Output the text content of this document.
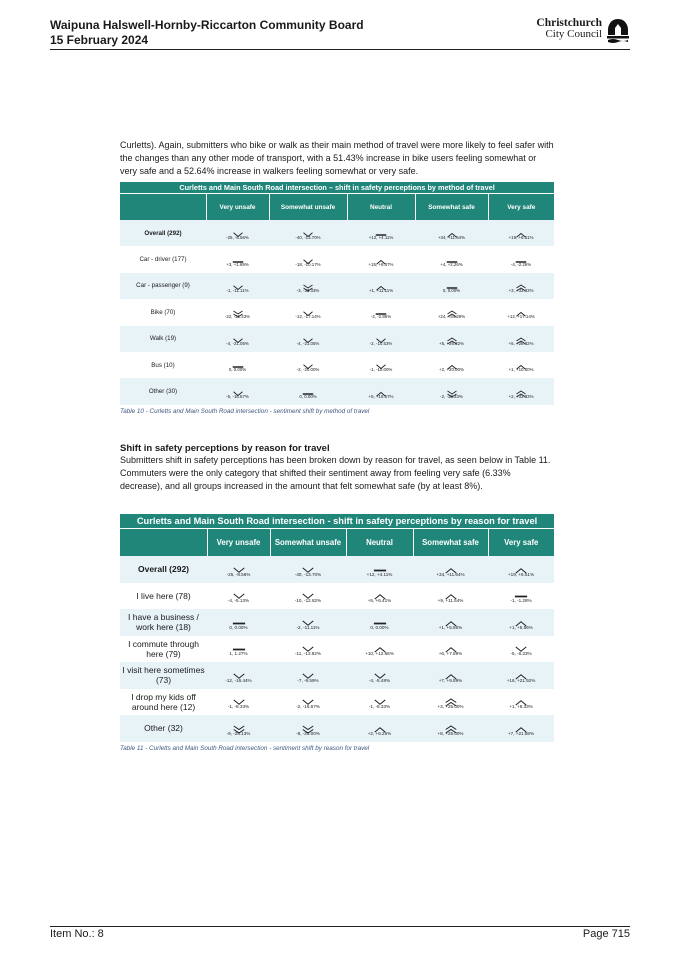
Waipuna Halswell-Hornby-Riccarton Community Board
15 February 2024
Christchurch
City Council

Curletts). Again, submitters who bike or walk as their main method of travel were more likely to feel safer with the changes than any other mode of transport, with a 51.43% increase in bike users feeling somewhat or very safe and a 52.64% increase in walkers feeling somewhat or very safe.

Curletts and Main South Road intersection – shift in safety perceptions by method of travel					
	Very unsafe	Somewhat unsafe	Neutral	Somewhat safe	Very safe
Overall (292)	-25, -8.56%	-40, -13.70%	+12, +4.11%	+34, +11.64%	+19, +6.51%

Car - driver (177)	+3, +1.69%	-18, -10.17%	+15, +8.47%	+4, +2.26%	-4, -2.26%

Car - passenger (9)	-1, -11.11%	-3, -33.33%	+1, +11.11%	0, 0.00%	+3, +33.33%

Bike (70)	-22, -31.43%	-12, -17.14%	-2, -2.86%	+24, +34.29%	+12, +17.14%

Walk (19)	-4, -21.05%	-4, -21.05%	-2, -10.53%	+5, +26.32%	+5, +26.32%

Bus (10)	0, 0.00%	-2, -20.00%	-1, -10.00%	+2, +20.00%	+1, +10.00%

Other (30)	-5, -16.67%	0, 0.00%	+5, +16.67%	-2, -33.33%	+2, +33.33%

Table 10 - Curletts and Main South Road intersection - sentiment shift by method of travel

Shift in safety perceptions by reason for travel

Submitters shift in safety perceptions has been broken down by reason for travel, as seen below in Table 11. Commuters were the only category that shifted their sentiment away from feeling very safe (6.33% decrease), and all groups increased in the amount that felt somewhat safe (by at least 8%).

Curletts and Main South Road intersection - shift in safety perceptions by reason for travel					
	Very unsafe	Somewhat unsafe	Neutral	Somewhat safe	Very safe
Overall (292)	-25, -8.56%	-40, -13.70%	+12, +4.11%	+34, +11.64%	+19, +6.51%

I live here (78)	-4, -5.13%	-10, -12.82%	+5, +6.41%	+9, +11.54%	-1, -1.28%

I have a business / work here (18)	0, 0.00%	-2, -11.11%	0, 0.00%	+1, +5.56%	+1, +5.56%

I commute through here (79)	1, 1.27%	-11, -13.92%	+10, +12.66%	+6, +7.59%	-5, -6.33%

I visit here sometimes (73)	-12, -16.44%	-7, -9.59%	-4, -5.48%	+7, +9.59%	+16, +21.92%

I drop my kids off around here (12)	-1, -8.33%	-2, -16.67%	-1, -8.33%	+3, +25.00%	+1, +8.33%

Other (32)	-9, -28.13%	-8, -25.00%	+2, +6.25%	+8, +25.00%	+7, +21.88%

Table 11 - Curletts and Main South Road intersection - sentiment shift by reason for travel

Item No.: 8	Page 715
